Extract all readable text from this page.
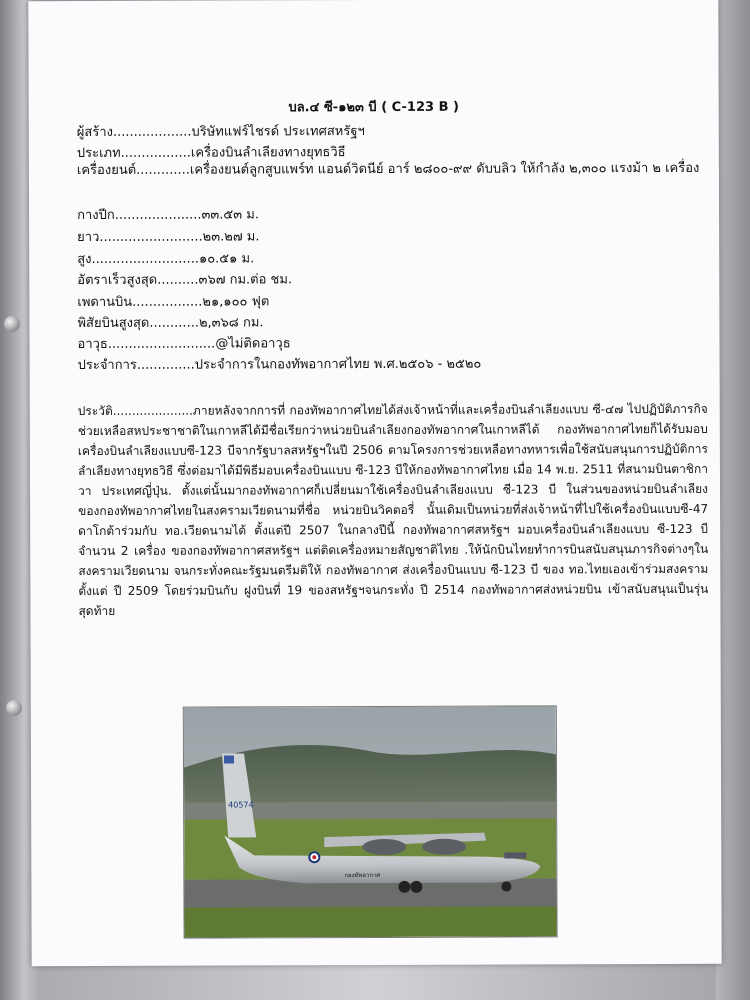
บล.๔ ซี-๑๒๓ บี ( C-123 B )
ผู้สร้าง...................บริษัทแฟร์ไชรด์ ประเทศสหรัฐฯ
ประเภท.................เครื่องบินลำเลียงทางยุทธวิธี
เครื่องยนต์.............เครื่องยนต์ลูกสูบแพร์ท แอนด์วิดนีย์ อาร์ ๒๘๐๐-๙๙ ดับบลิว ให้กำลัง ๒,๓๐๐ แรงม้า ๒ เครื่อง
กางปีก.....................๓๓.๕๓ ม.
ยาว.........................๒๓.๒๗ ม.
สูง..........................๑๐.๕๑ ม.
อัตราเร็วสูงสุด..........๓๖๗ กม.ต่อ ชม.
เพดานบิน.................๒๑,๑๐๐ ฟุต
พิสัยบินสูงสุด............๒,๓๖๘ กม.
อาวุธ..........................@ไม่ติดอาวุธ
ประจำการ..............ประจำการในกองทัพอากาศไทย พ.ศ.๒๕๐๖ - ๒๕๒๐
ประวัติ.....................ภายหลังจากการที่ กองทัพอากาศไทยได้ส่งเจ้าหน้าที่และเครื่องบินลำเลียงแบบ ซี-๔๗ ไปปฏิบัติภารกิจช่วยเหลือสหประชาชาติในเกาหลีได้มีชื่อเรียกว่าหน่วยบินลำเลียงกองทัพอากาศในเกาหลีได้ กองทัพอากาศไทยก็ได้รับมอบ เครื่องบินลำเลียงแบบซี-123 บีจากรัฐบาลสหรัฐฯในปี 2506 ตามโครงการช่วยเหลือทางทหารเพื่อใช้สนับสนุนการปฏิบัติการลำเลียงทางยุทธวิธี ซึ่งต่อมาได้มีพิธีมอบเครื่องบินแบบ ซี-123 บีให้กองทัพอากาศไทย เมื่อ 14 พ.ย. 2511 ที่สนามบินตาชิกาวา ประเทศญี่ปุ่น. ตั้งแต่นั้นมากองทัพอากาศก็เปลี่ยนมาใช้เครื่องบินลำเลียงแบบ ซี-123 บี ในส่วนของหน่วยบินลำเลียงของกองทัพอากาศไทยในสงครามเวียดนามที่ชื่อ หน่วยบินวิคตอรี่ นั้นเดิมเป็นหน่วยที่ส่งเจ้าหน้าที่ไปใช้เครื่องบินแบบซี-47 ดาโกต้าร่วมกับ ทอ.เวียดนามได้ ตั้งแต่ปี 2507 ในกลางปีนี้ กองทัพอากาศสหรัฐฯ มอบเครื่องบินลำเลียงแบบ ซี-123 บี จำนวน 2 เครื่อง ของกองทัพอากาศสหรัฐฯ แต่ติดเครื่องหมายสัญชาติไทย .ให้นักบินไทยทำการบินสนับสนุนภารกิจต่างๆในสงครามเวียดนาม จนกระทั่งคณะรัฐมนตรีมติให้ กองทัพอากาศ ส่งเครื่องบินแบบ ซี-123 บี ของ ทอ.ไทยเองเข้าร่วมสงคราม ตั้งแต่ ปี 2509 โดยร่วมบินกับ ฝูงบินที่ 19 ของสหรัฐฯจนกระทั่ง ปี 2514 กองทัพอากาศส่งหน่วยบิน เข้าสนับสนุนเป็นรุ่นสุดท้าย
40574
กองทัพอากาศ
